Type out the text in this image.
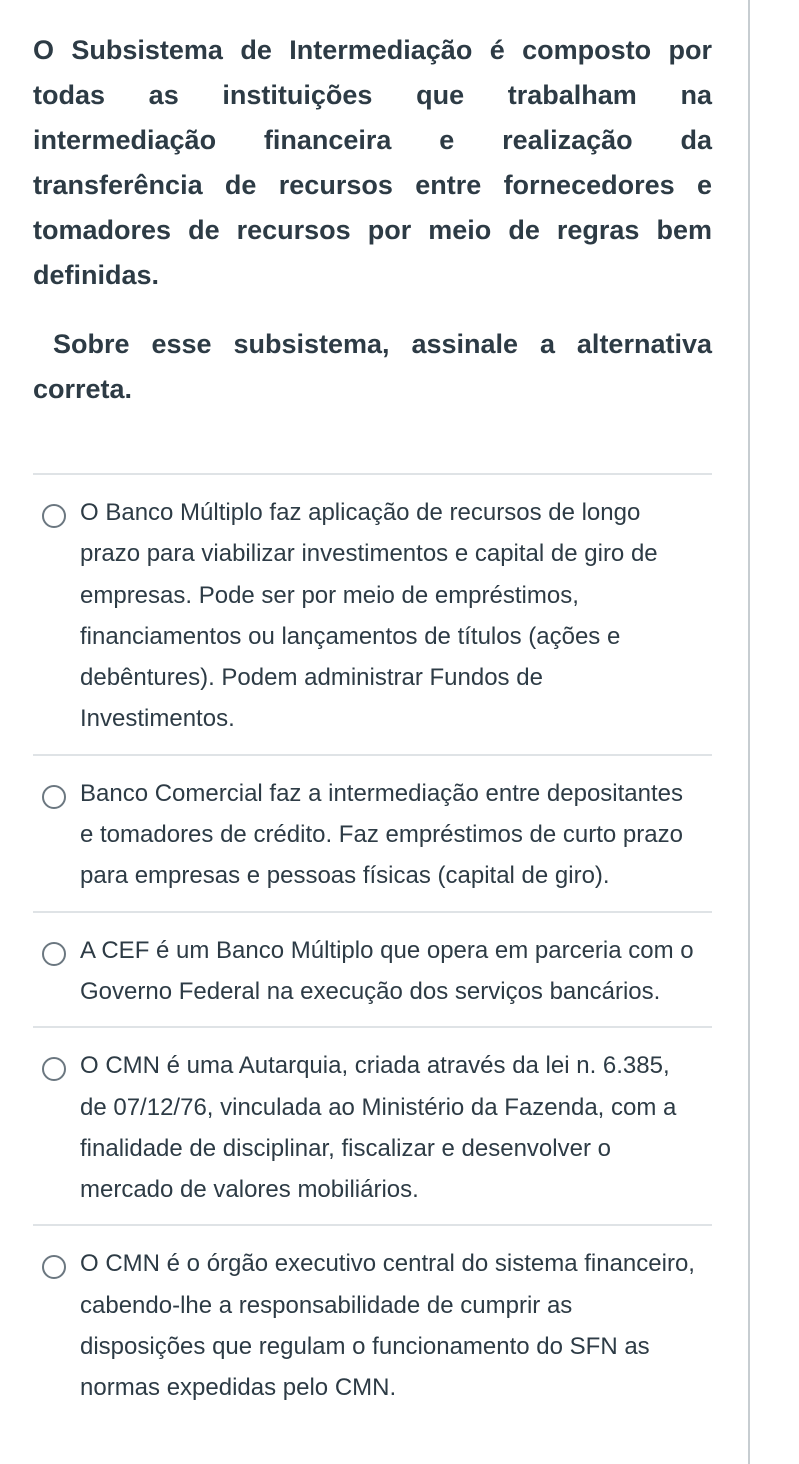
O Subsistema de Intermediação é composto por todas as instituições que trabalham na intermediação financeira e realização da transferência de recursos entre fornecedores e tomadores de recursos por meio de regras bem definidas.

Sobre esse subsistema, assinale a alternativa correta.

O Banco Múltiplo faz aplicação de recursos de longo prazo para viabilizar investimentos e capital de giro de empresas. Pode ser por meio de empréstimos, financiamentos ou lançamentos de títulos (ações e debêntures). Podem administrar Fundos de Investimentos.

Banco Comercial faz a intermediação entre depositantes e tomadores de crédito. Faz empréstimos de curto prazo para empresas e pessoas físicas (capital de giro).

A CEF é um Banco Múltiplo que opera em parceria com o Governo Federal na execução dos serviços bancários.

O CMN é uma Autarquia, criada através da lei n. 6.385, de 07/12/76, vinculada ao Ministério da Fazenda, com a finalidade de disciplinar, fiscalizar e desenvolver o mercado de valores mobiliários.

O CMN é o órgão executivo central do sistema financeiro, cabendo-lhe a responsabilidade de cumprir as disposições que regulam o funcionamento do SFN as normas expedidas pelo CMN.
